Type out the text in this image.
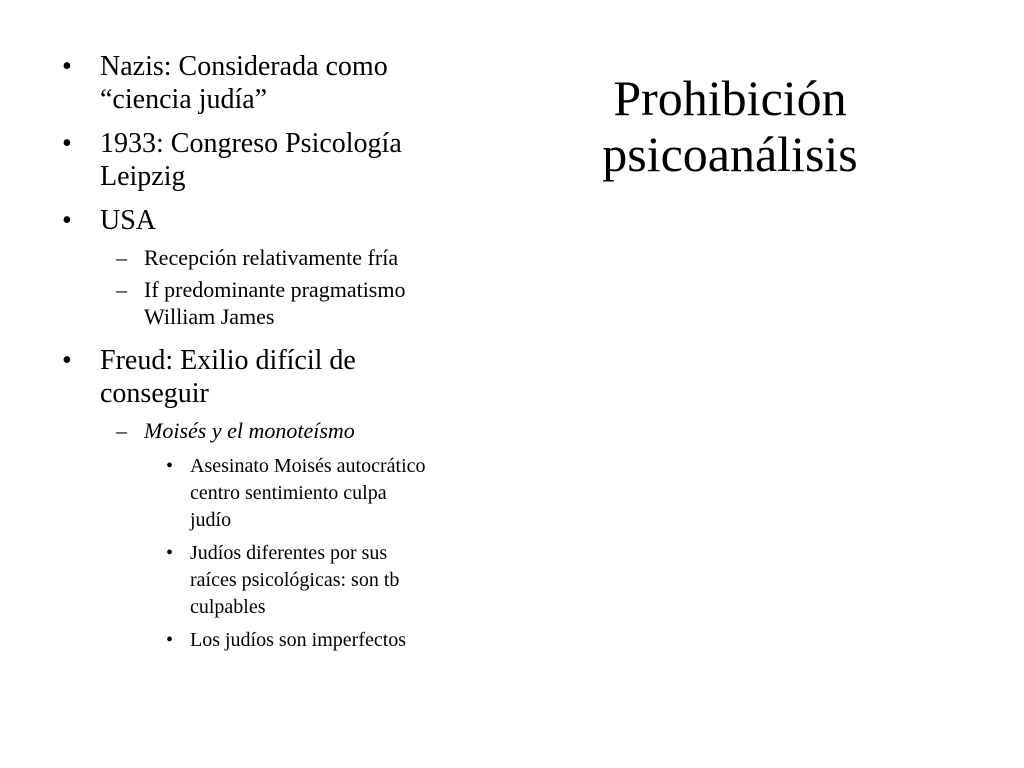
Prohibición
psicoanálisis
• Nazis: Considerada como
“ciencia judía”
• 1933: Congreso Psicología
Leipzig
• USA
– Recepción relativamente fría
– If predominante pragmatismo
William James
• Freud: Exilio difícil de
conseguir
– Moisés y el monoteísmo
• Asesinato Moisés autocrático
centro sentimiento culpa
judío
• Judíos diferentes por sus
raíces psicológicas: son tb
culpables
• Los judíos son imperfectos
